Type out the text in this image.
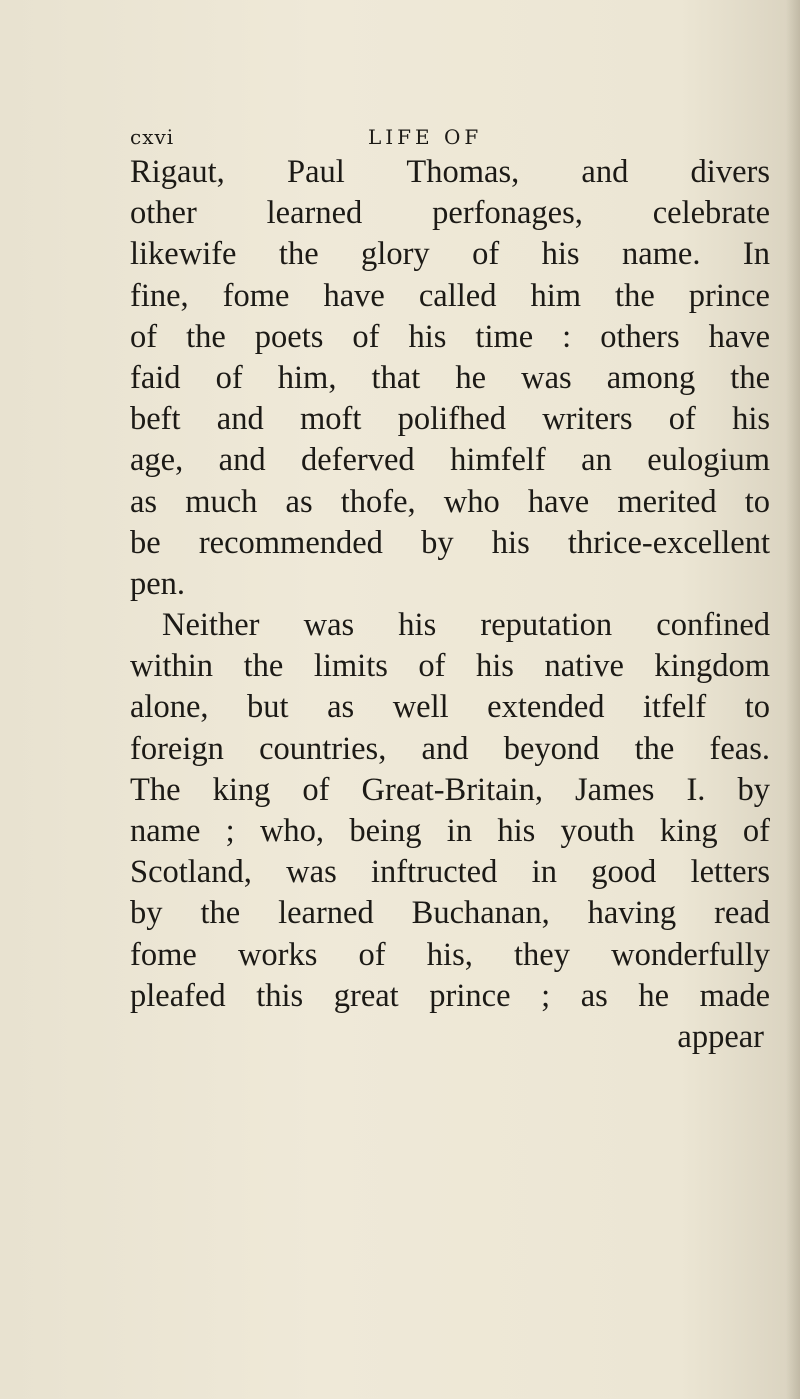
cxvi	LIFE OF
Rigaut, Paul Thomas, and divers
other learned perfonages, celebrate
likewife the glory of his name. In
fine, fome have called him the prince
of the poets of his time : others have
faid of him, that he was among the
beft and moft polifhed writers of his
age, and deferved himfelf an eulogium
as much as thofe, who have merited to
be recommended by his thrice-excellent
pen.
Neither was his reputation confined
within the limits of his native kingdom
alone, but as well extended itfelf to
foreign countries, and beyond the feas.
The king of Great-Britain, James I. by
name ; who, being in his youth king of
Scotland, was inftructed in good letters
by the learned Buchanan, having read
fome works of his, they wonderfully
pleafed this great prince ; as he made
appear
